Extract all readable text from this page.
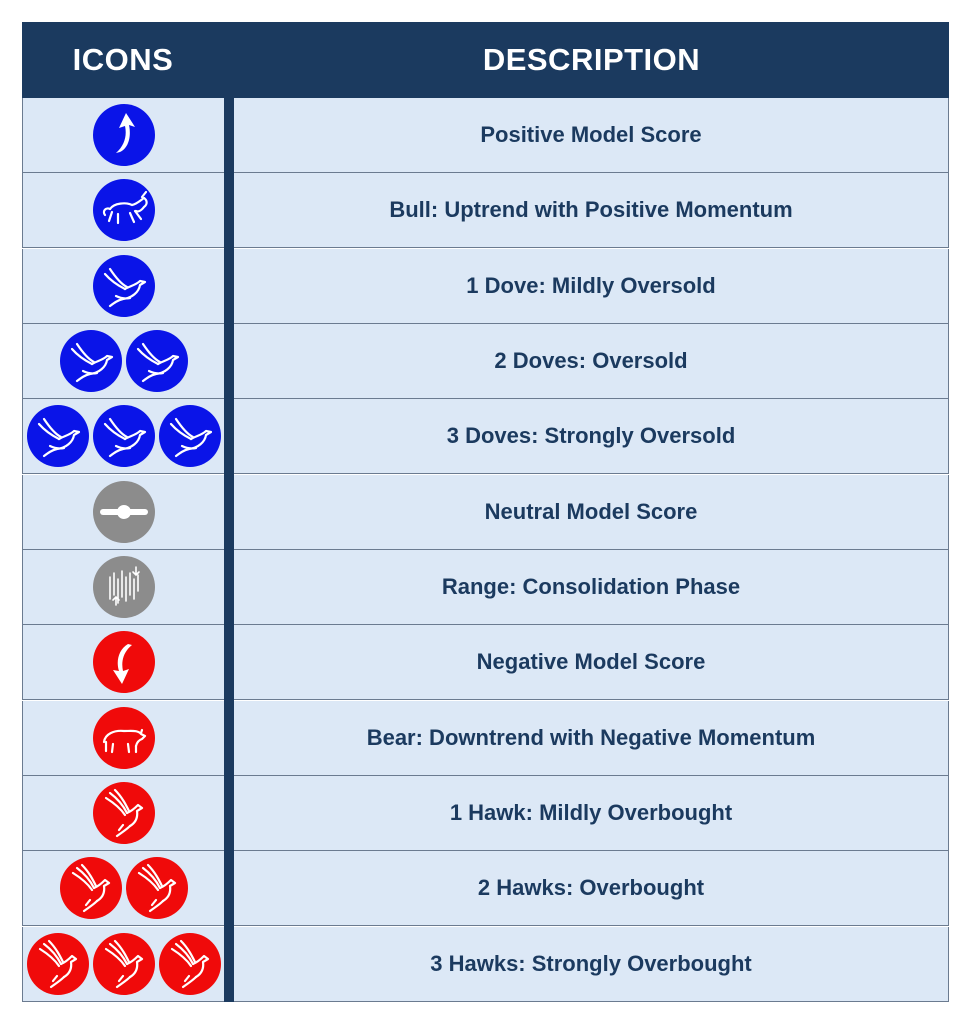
ICONS	DESCRIPTION
Positive Model Score
Bull: Uptrend with Positive Momentum
1 Dove: Mildly Oversold
2 Doves: Oversold
3 Doves: Strongly Oversold
Neutral Model Score
Range: Consolidation Phase
Negative Model Score
Bear: Downtrend with Negative Momentum
1 Hawk: Mildly Overbought
2 Hawks: Overbought
3 Hawks: Strongly Overbought
